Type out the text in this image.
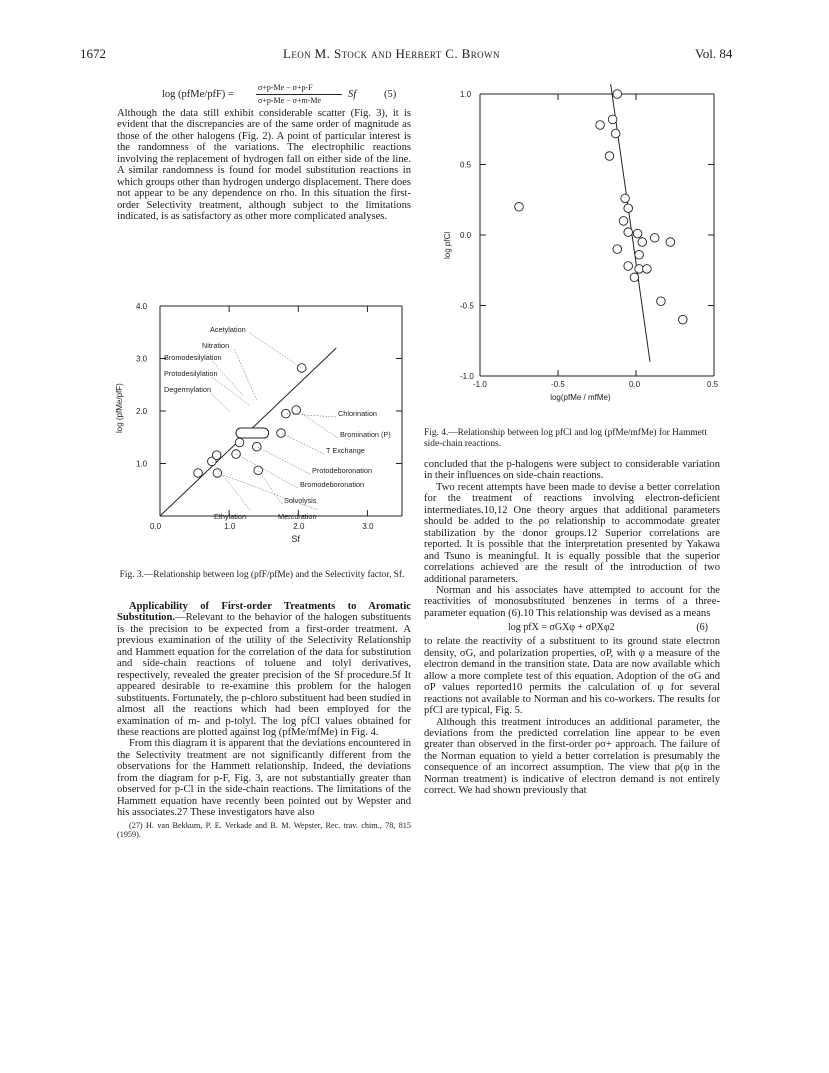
1672	Leon M. Stock and Herbert C. Brown	Vol. 84
log (pfMe/pfF) =
σ+p-Me − σ+p-F
σ+p-Me − σ+m-Me
Sf	(5)

Although the data still exhibit considerable scatter (Fig. 3), it is evident that the discrepancies are of the same order of magnitude as those of the other halogens (Fig. 2). A point of particular interest is the randomness of the variations. The electrophilic reactions involving the replacement of hydrogen fall on either side of the line. A similar randomness is found for model substitution reactions in which groups other than hydrogen undergo displacement. There does not appear to be any dependence on rho. In this situation the first-order Selectivity treatment, although subject to the limitations indicated, is as satisfactory as other more complicated analyses.

0.0	1.0	2.0	3.0
1.0
2.0
3.0
4.0
Sf
log (pfMe/pfF)
Acetylation
Nitration
Bromodesilylation
Protodesilylation
Degermylation
Chlorination
Bromination (P)
T Exchange
Protodeboronation
Bromodeboronation
Solvolysis
Ethylation	Mercuration
Fig. 3.—Relationship between log (pfF/pfMe) and the Selectivity factor, Sf.

Applicability of First-order Treatments to Aromatic Substitution.—Relevant to the behavior of the halogen substituents is the precision to be expected from a first-order treatment. A previous examination of the utility of the Selectivity Relationship and Hammett equation for the correlation of the data for substitution and side-chain reactions of toluene and tolyl derivatives, respectively, revealed the greater precision of the Sf procedure.5f It appeared desirable to re-examine this problem for the halogen substituents. Fortunately, the p-chloro substituent had been studied in almost all the reactions which had been employed for the examination of m- and p-tolyl. The log pfCl values obtained for these reactions are plotted against log (pfMe/mfMe) in Fig. 4.

From this diagram it is apparent that the deviations encountered in the Selectivity treatment are not significantly different from the observations for the Hammett relationship. Indeed, the deviations from the diagram for p-F, Fig. 3, are not substantially greater than observed for p-Cl in the side-chain reactions. The limitations of the Hammett equation have recently been pointed out by Wepster and his associates.27 These investigators have also

(27) H. van Bekkum, P. E. Verkade and B. M. Wepster, Rec. trav. chim., 78, 815 (1959).

-1.0	-0.5	0.0	0.5
1.0
0.5
0.0
-0.5
-1.0
log(pfMe / mfMe)
log pfCl
Fig. 4.—Relationship between log pfCl and log (pfMe/mfMe) for Hammett side-chain reactions.

concluded that the p-halogens were subject to considerable variation in their influences on side-chain reactions.

Two recent attempts have been made to devise a better correlation for the treatment of reactions involving electron-deficient intermediates.10,12 One theory argues that additional parameters should be added to the ρσ relationship to accommodate greater stabilization by the donor groups.12 Superior correlations are reported. It is possible that the interpretation presented by Yakawa and Tsuno is meaningful. It is equally possible that the superior correlations achieved are the result of the introduction of two additional parameters.

Norman and his associates have attempted to account for the reactivities of monosubstituted benzenes in terms of a three-parameter equation (6).10 This relationship was devised as a means

log pfX = σGXφ + σPXφ2	(6)

to relate the reactivity of a substituent to its ground state electron density, σG, and polarization properties, σP, with φ a measure of the electron demand in the transition state. Data are now available which allow a more complete test of this equation. Adoption of the σG and σP values reported10 permits the calculation of φ for several reactions not available to Norman and his co-workers. The results for pfCl are typical, Fig. 5.

Although this treatment introduces an additional parameter, the deviations from the predicted correlation line appear to be even greater than observed in the first-order ρσ+ approach. The failure of the Norman equation to yield a better correlation is presumably the consequence of an incorrect assumption. The view that ρ(φ in the Norman treatment) is indicative of electron demand is not entirely correct. We had shown previously that
